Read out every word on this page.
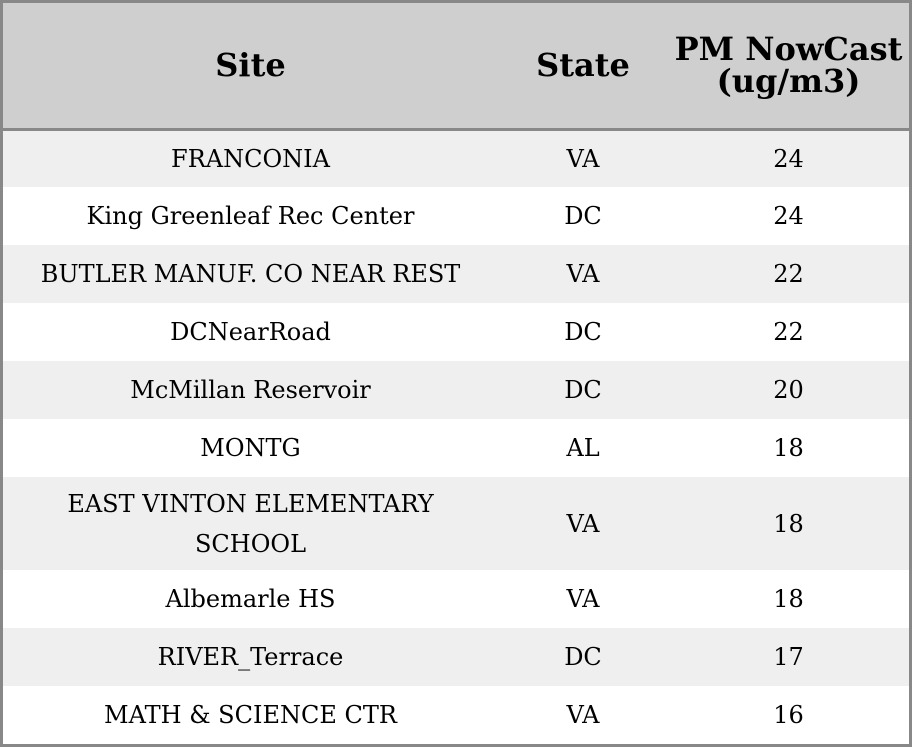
Site	State	PM NowCast (ug/m3)
FRANCONIA	VA	24
King Greenleaf Rec Center	DC	24
BUTLER MANUF. CO NEAR REST	VA	22
DCNearRoad	DC	22
McMillan Reservoir	DC	20
MONTG	AL	18
EAST VINTON ELEMENTARY SCHOOL	VA	18
Albemarle HS	VA	18
RIVER_Terrace	DC	17
MATH & SCIENCE CTR	VA	16
